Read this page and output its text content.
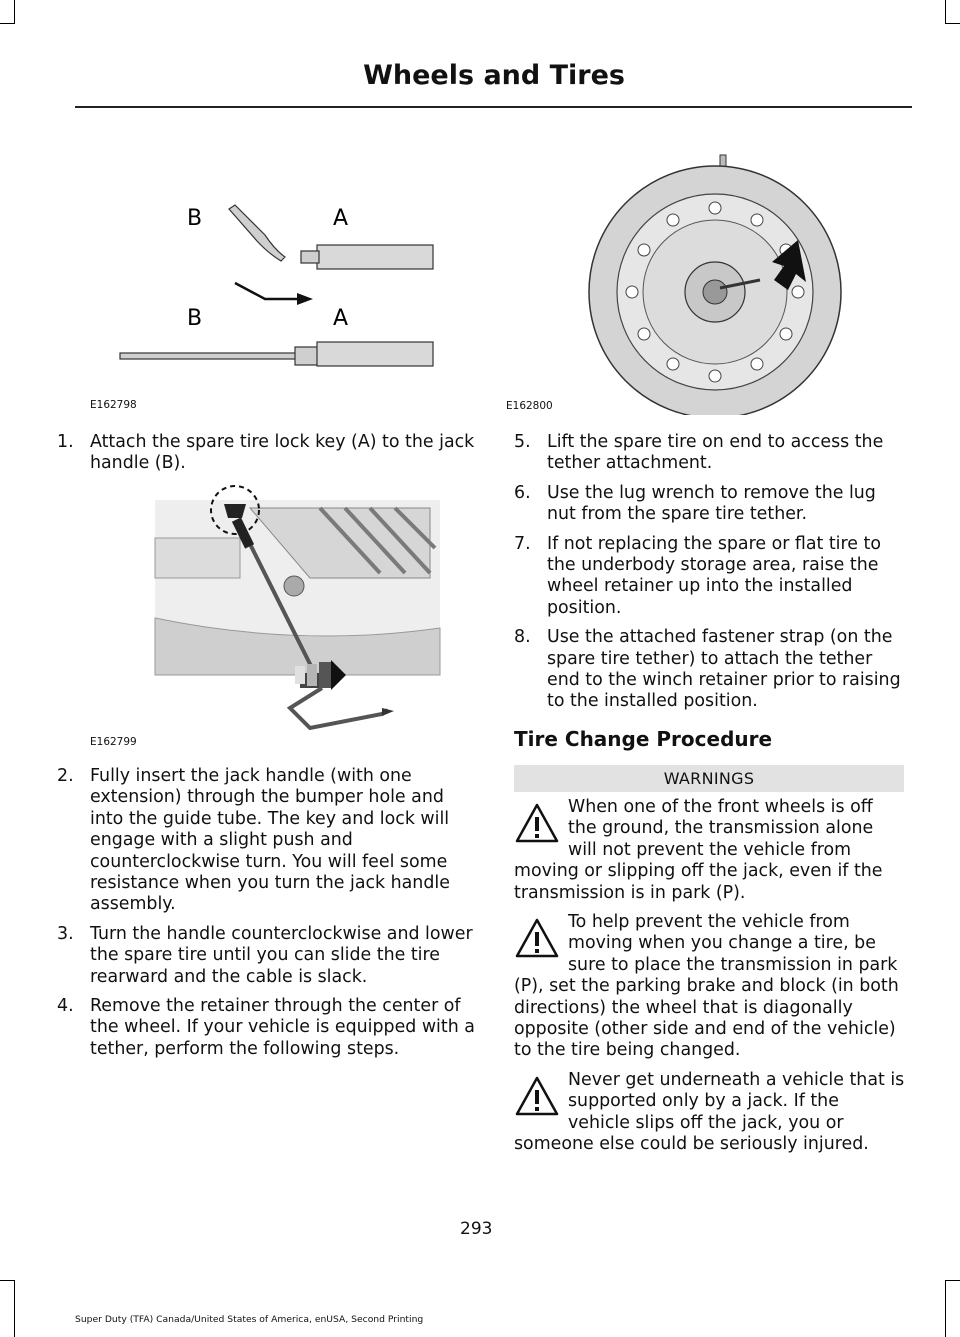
Wheels and Tires
B	A
B	A
E162798	E162800
E162799
1. Attach the spare tire lock key (A) to the jack handle (B).
2. Fully insert the jack handle (with one extension) through the bumper hole and into the guide tube. The key and lock will engage with a slight push and counterclockwise turn. You will feel some resistance when you turn the jack handle assembly.
3. Turn the handle counterclockwise and lower the spare tire until you can slide the tire rearward and the cable is slack.
4. Remove the retainer through the center of the wheel. If your vehicle is equipped with a tether, perform the following steps.
5. Lift the spare tire on end to access the tether attachment.
6. Use the lug wrench to remove the lug nut from the spare tire tether.
7. If not replacing the spare or flat tire to the underbody storage area, raise the wheel retainer up into the installed position.
8. Use the attached fastener strap (on the spare tire tether) to attach the tether end to the winch retainer prior to raising to the installed position.
Tire Change Procedure
WARNINGS
When one of the front wheels is off the ground, the transmission alone will not prevent the vehicle from moving or slipping off the jack, even if the transmission is in park (P).
To help prevent the vehicle from moving when you change a tire, be sure to place the transmission in park (P), set the parking brake and block (in both directions) the wheel that is diagonally opposite (other side and end of the vehicle) to the tire being changed.
Never get underneath a vehicle that is supported only by a jack. If the vehicle slips off the jack, you or someone else could be seriously injured.
293
Super Duty (TFA) Canada/United States of America, enUSA, Second Printing
